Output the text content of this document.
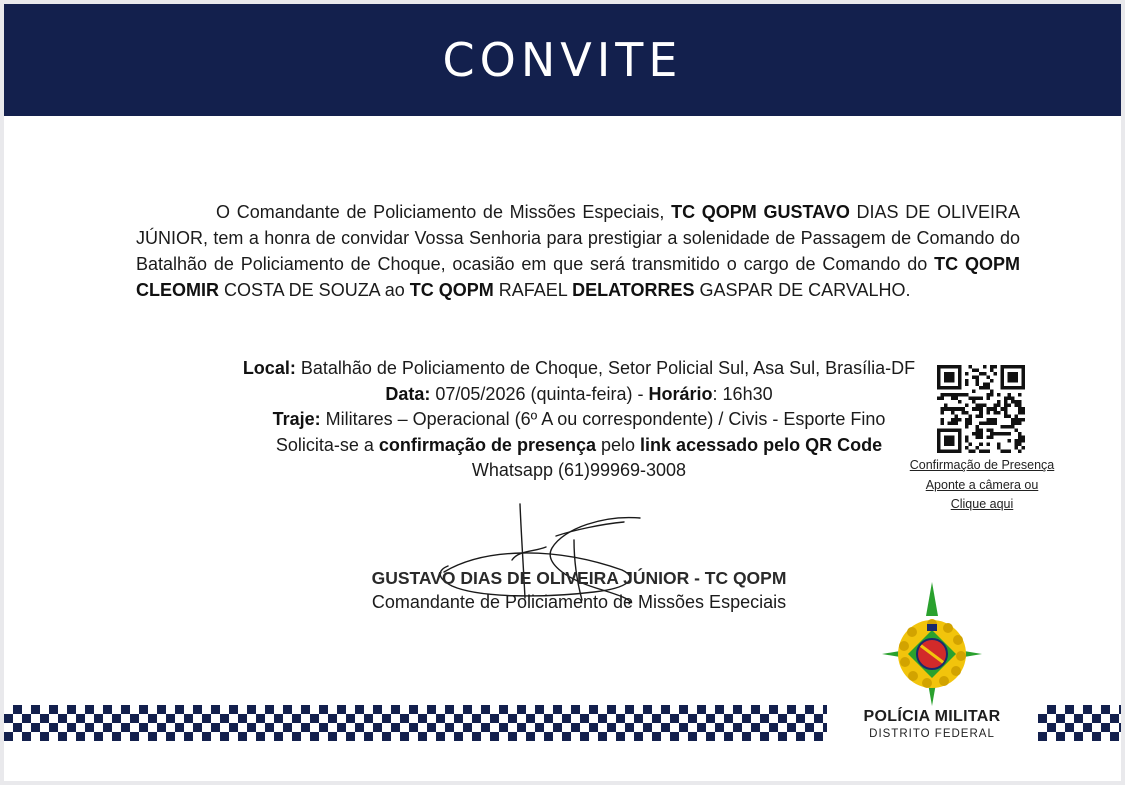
CONVITE

O Comandante de Policiamento de Missões Especiais, TC QOPM GUSTAVO DIAS DE OLIVEIRA JÚNIOR, tem a honra de convidar Vossa Senhoria para prestigiar a solenidade de Passagem de Comando do Batalhão de Policiamento de Choque, ocasião em que será transmitido o cargo de Comando do TC QOPM CLEOMIR COSTA DE SOUZA ao TC QOPM RAFAEL DELATORRES GASPAR DE CARVALHO.

Local: Batalhão de Policiamento de Choque, Setor Policial Sul, Asa Sul, Brasília-DF
Data: 07/05/2026 (quinta-feira) - Horário: 16h30
Traje: Militares – Operacional (6º A ou correspondente) / Civis - Esporte Fino
Solicita-se a confirmação de presença pelo link acessado pelo QR Code
Whatsapp (61)99969-3008	Confirmação de Presença
Aponte a câmera ou
Clique aqui
GUSTAVO DIAS DE OLIVEIRA JÚNIOR - TC QOPM
Comandante de Policiamento de Missões Especiais
POLÍCIA MILITAR
DISTRITO FEDERAL
